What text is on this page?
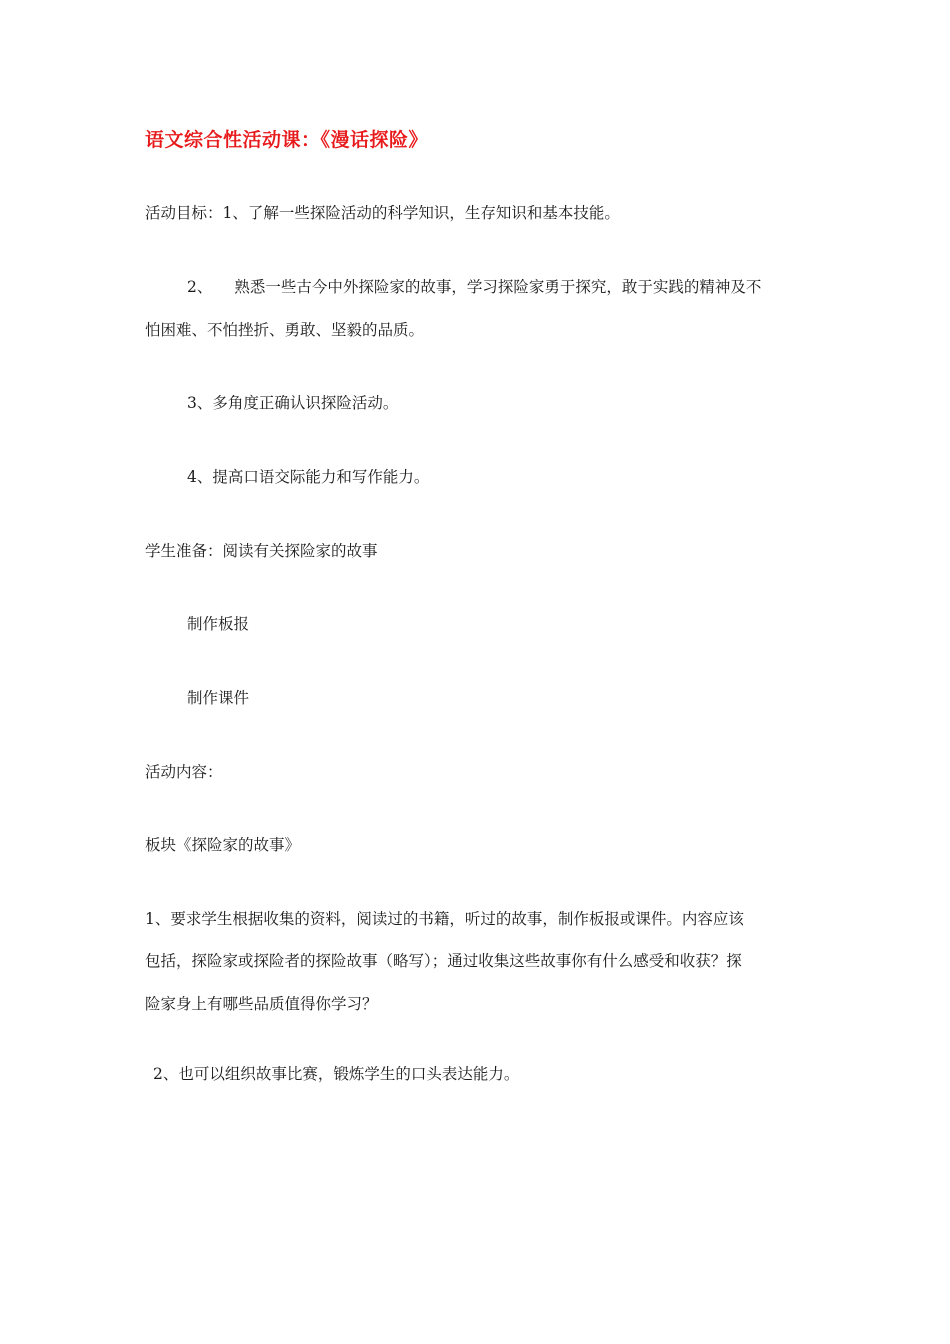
语文综合性活动课：《漫话探险》
活动目标：1、了解一些探险活动的科学知识，生存知识和基本技能。
2、 熟悉一些古今中外探险家的故事，学习探险家勇于探究，敢于实践的精神及不
怕困难、不怕挫折、勇敢、坚毅的品质。
3、多角度正确认识探险活动。
4、提高口语交际能力和写作能力。
学生准备：阅读有关探险家的故事
制作板报
制作课件
活动内容：
板块《探险家的故事》
1、要求学生根据收集的资料，阅读过的书籍，听过的故事，制作板报或课件。内容应该
包括，探险家或探险者的探险故事（略写）；通过收集这些故事你有什么感受和收获？探
险家身上有哪些品质值得你学习？
2、也可以组织故事比赛，锻炼学生的口头表达能力。
